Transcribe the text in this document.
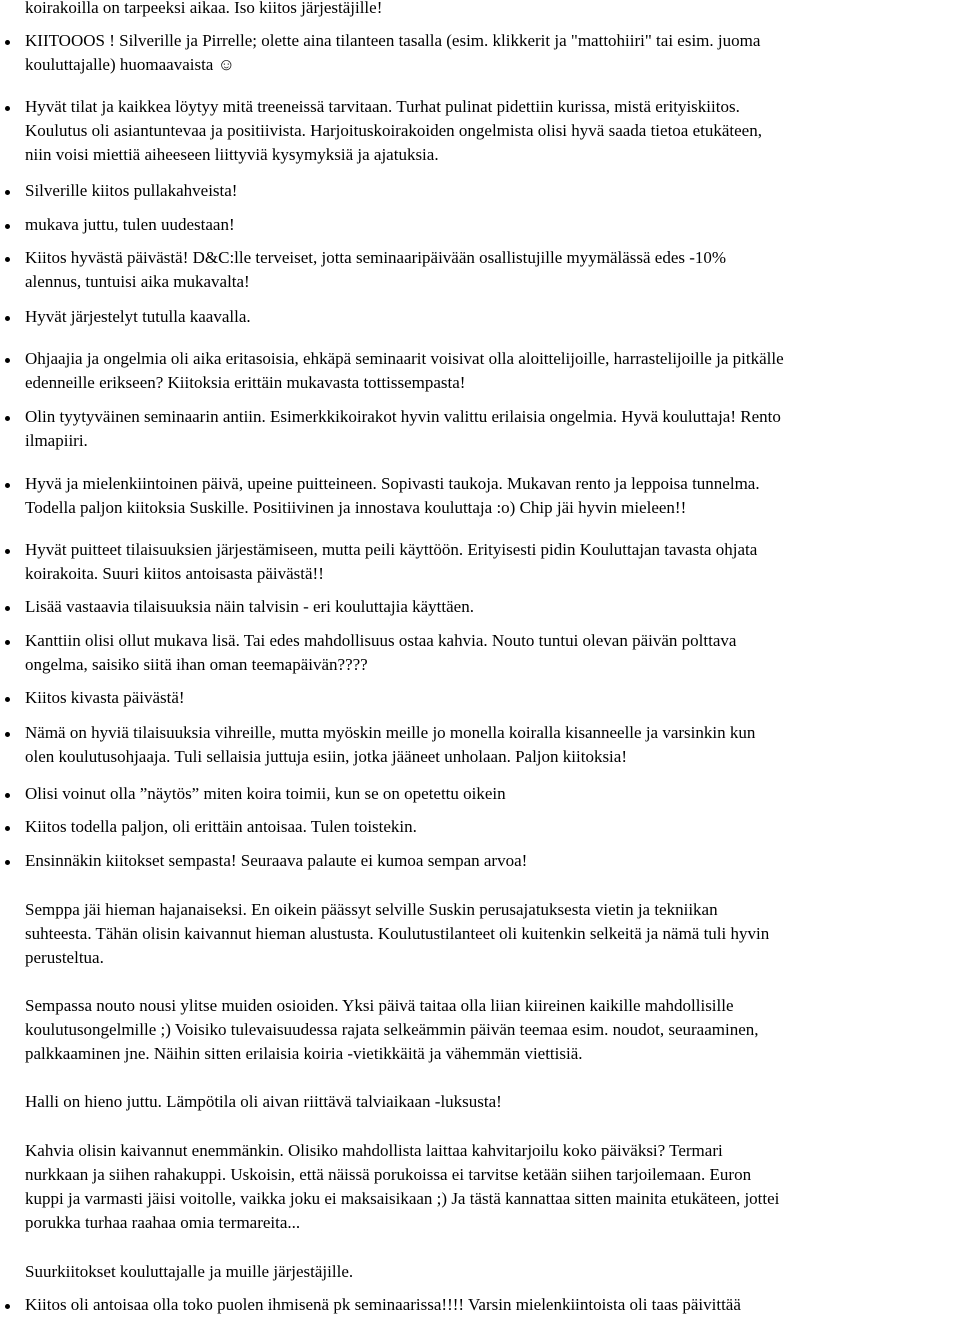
koirakoilla on tarpeeksi aikaa. Iso kiitos järjestäjille!
KIITOOOS ! Silverille ja Pirrelle; olette aina tilanteen tasalla (esim. klikkerit ja "mattohiiri" tai esim. juoma
kouluttajalle) huomaavaista ☺
Hyvät tilat ja kaikkea löytyy mitä treeneissä tarvitaan. Turhat pulinat pidettiin kurissa, mistä erityiskiitos.
Koulutus oli asiantuntevaa ja positiivista. Harjoituskoirakoiden ongelmista olisi hyvä saada tietoa etukäteen,
niin voisi miettiä aiheeseen liittyviä kysymyksiä ja ajatuksia.
Silverille kiitos pullakahveista!
mukava juttu, tulen uudestaan!
Kiitos hyvästä päivästä! D&C:lle terveiset, jotta seminaaripäivään osallistujille myymälässä edes -10%
alennus, tuntuisi aika mukavalta!
Hyvät järjestelyt tutulla kaavalla.
Ohjaajia ja ongelmia oli aika eritasoisia, ehkäpä seminaarit voisivat olla aloittelijoille, harrastelijoille ja pitkälle
edenneille erikseen? Kiitoksia erittäin mukavasta tottissempasta!
Olin tyytyväinen seminaarin antiin. Esimerkkikoirakot hyvin valittu erilaisia ongelmia. Hyvä kouluttaja! Rento
ilmapiiri.
Hyvä ja mielenkiintoinen päivä, upeine puitteineen. Sopivasti taukoja. Mukavan rento ja leppoisa tunnelma.
Todella paljon kiitoksia Suskille. Positiivinen ja innostava kouluttaja :o) Chip jäi hyvin mieleen!!
Hyvät puitteet tilaisuuksien järjestämiseen, mutta peili käyttöön. Erityisesti pidin Kouluttajan tavasta ohjata
koirakoita. Suuri kiitos antoisasta päivästä!!
Lisää vastaavia tilaisuuksia näin talvisin - eri kouluttajia käyttäen.
Kanttiin olisi ollut mukava lisä. Tai edes mahdollisuus ostaa kahvia. Nouto tuntui olevan päivän polttava
ongelma, saisiko siitä ihan oman teemapäivän????
Kiitos kivasta päivästä!
Nämä on hyviä tilaisuuksia vihreille, mutta myöskin meille jo monella koiralla kisanneelle ja varsinkin kun
olen koulutusohjaaja. Tuli sellaisia juttuja esiin, jotka jääneet unholaan. Paljon kiitoksia!
Olisi voinut olla ”näytös” miten koira toimii, kun se on opetettu oikein
Kiitos todella paljon, oli erittäin antoisaa. Tulen toistekin.
Ensinnäkin kiitokset sempasta! Seuraava palaute ei kumoa sempan arvoa!
Semppa jäi hieman hajanaiseksi. En oikein päässyt selville Suskin perusajatuksesta vietin ja tekniikan
suhteesta. Tähän olisin kaivannut hieman alustusta. Koulutustilanteet oli kuitenkin selkeitä ja nämä tuli hyvin
perusteltua.
Sempassa nouto nousi ylitse muiden osioiden. Yksi päivä taitaa olla liian kiireinen kaikille mahdollisille
koulutusongelmille ;) Voisiko tulevaisuudessa rajata selkeämmin päivän teemaa esim. noudot, seuraaminen,
palkkaaminen jne. Näihin sitten erilaisia koiria -vietikkäitä ja vähemmän viettisiä.
Halli on hieno juttu. Lämpötila oli aivan riittävä talviaikaan -luksusta!
Kahvia olisin kaivannut enemmänkin. Olisiko mahdollista laittaa kahvitarjoilu koko päiväksi? Termari
nurkkaan ja siihen rahakuppi. Uskoisin, että näissä porukoissa ei tarvitse ketään siihen tarjoilemaan. Euron
kuppi ja varmasti jäisi voitolle, vaikka joku ei maksaisikaan ;) Ja tästä kannattaa sitten mainita etukäteen, jottei
porukka turhaa raahaa omia termareita...
Suurkiitokset kouluttajalle ja muille järjestäjille.
Kiitos oli antoisaa olla toko puolen ihmisenä pk seminaarissa!!!! Varsin mielenkiintoista oli taas päivittää
